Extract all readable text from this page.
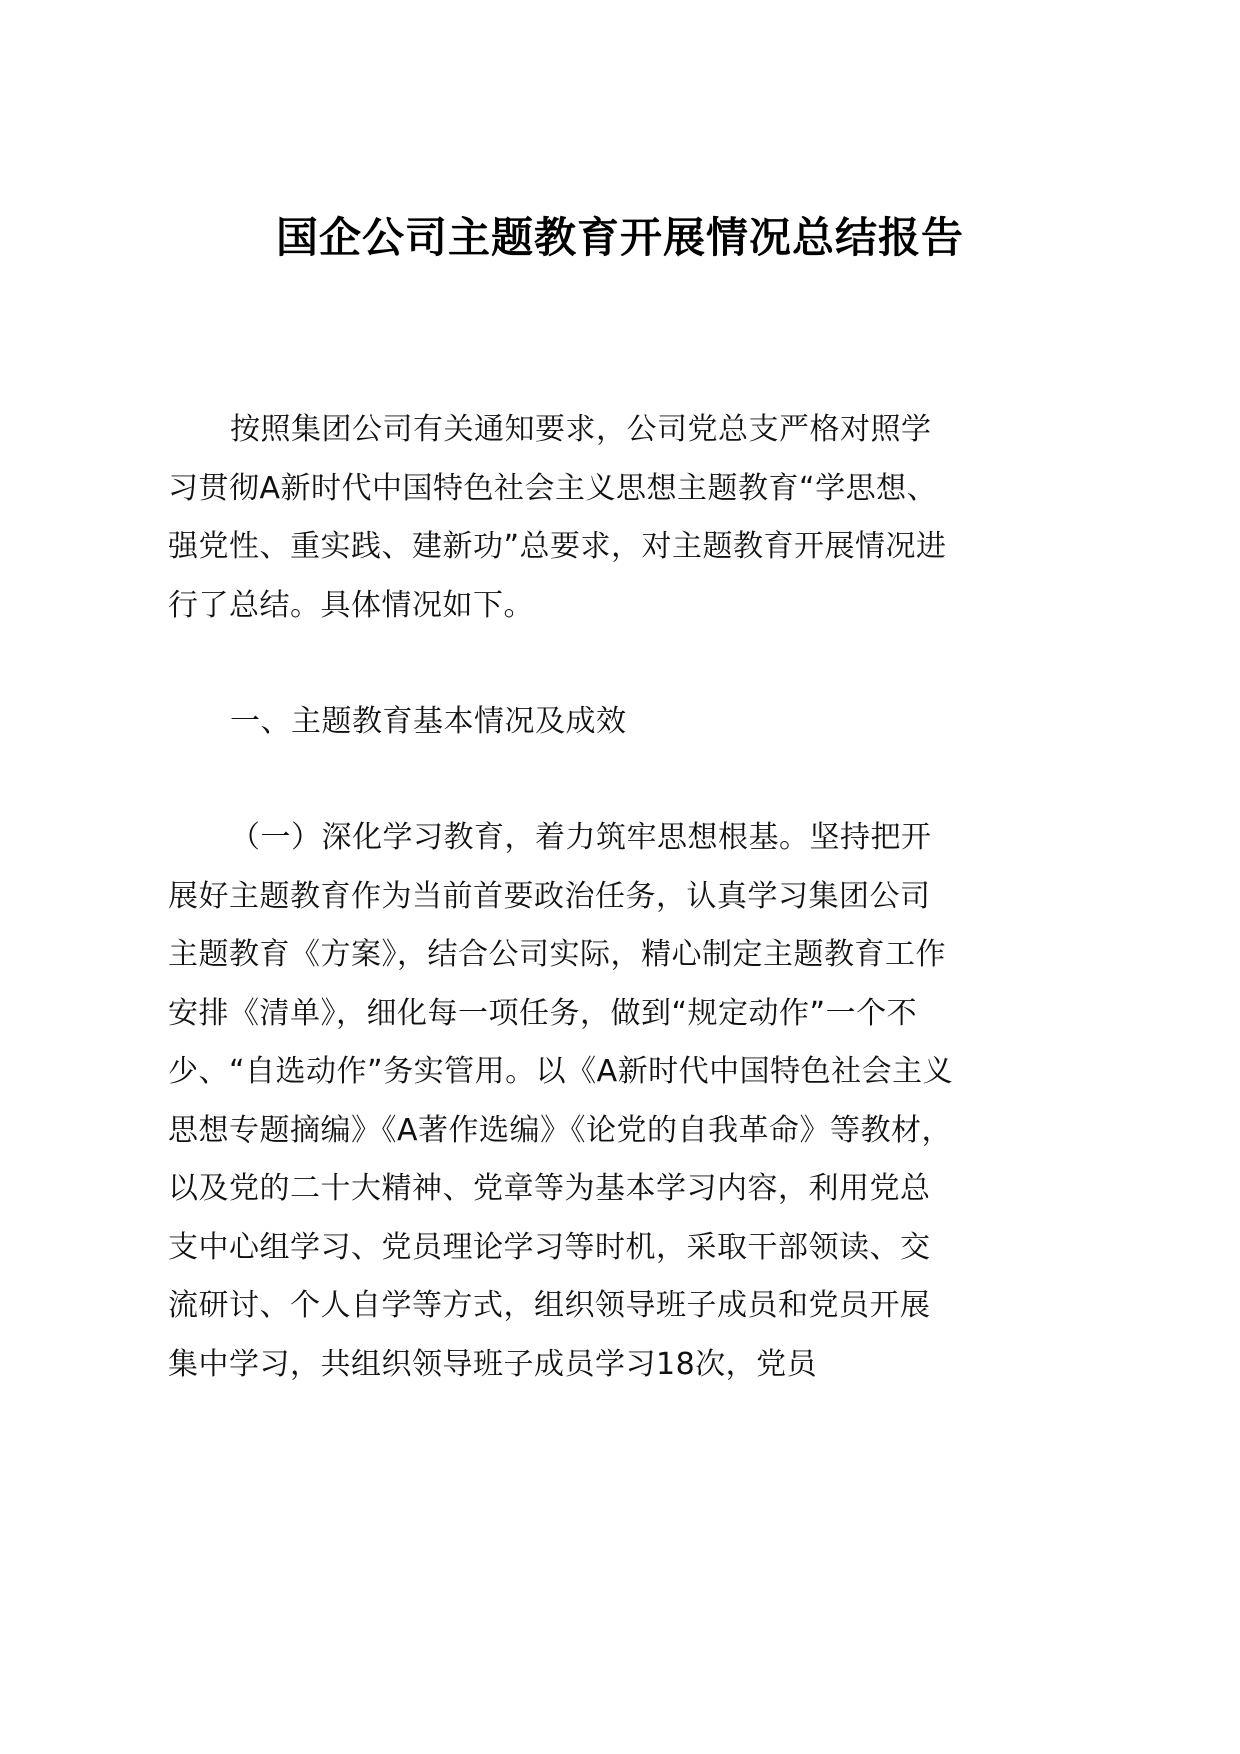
国企公司主题教育开展情况总结报告

按照集团公司有关通知要求，公司党总支严格对照学习贯彻A新时代中国特色社会主义思想主题教育“学思想、强党性、重实践、建新功”总要求，对主题教育开展情况进行了总结。具体情况如下。

一、主题教育基本情况及成效

（一）深化学习教育，着力筑牢思想根基。坚持把开展好主题教育作为当前首要政治任务，认真学习集团公司主题教育《方案》，结合公司实际，精心制定主题教育工作安排《清单》，细化每一项任务，做到“规定动作”一个不少、“自选动作”务实管用。以《A新时代中国特色社会主义思想专题摘编》《A著作选编》《论党的自我革命》等教材，以及党的二十大精神、党章等为基本学习内容，利用党总支中心组学习、党员理论学习等时机，采取干部领读、交流研讨、个人自学等方式，组织领导班子成员和党员开展集中学习，共组织领导班子成员学习18次，党员
